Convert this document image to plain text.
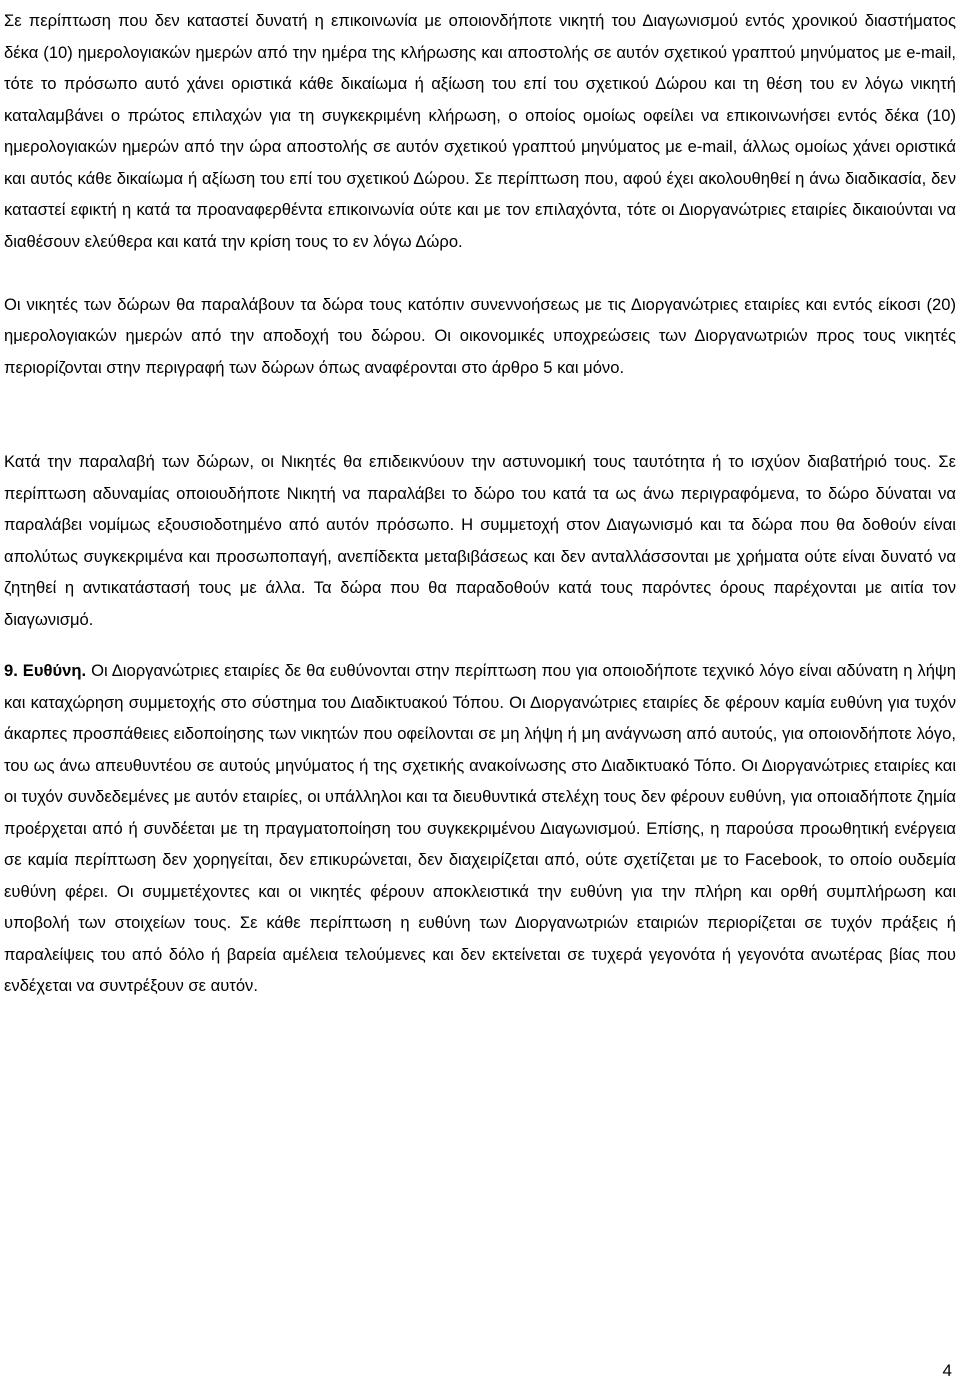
Σε περίπτωση που δεν καταστεί δυνατή η επικοινωνία με οποιονδήποτε νικητή του Διαγωνισμού εντός χρονικού διαστήματος δέκα (10) ημερολογιακών ημερών από την ημέρα της κλήρωσης και αποστολής σε αυτόν σχετικού γραπτού μηνύματος με e-mail, τότε το πρόσωπο αυτό χάνει οριστικά κάθε δικαίωμα ή αξίωση του επί του σχετικού Δώρου και τη θέση του εν λόγω νικητή καταλαμβάνει ο πρώτος επιλαχών για τη συγκεκριμένη κλήρωση, ο οποίος ομοίως οφείλει να επικοινωνήσει εντός δέκα (10) ημερολογιακών ημερών από την ώρα αποστολής σε αυτόν σχετικού γραπτού μηνύματος με e-mail, άλλως ομοίως χάνει οριστικά και αυτός κάθε δικαίωμα ή αξίωση του επί του σχετικού Δώρου. Σε περίπτωση που, αφού έχει ακολουθηθεί η άνω διαδικασία, δεν καταστεί εφικτή η κατά τα προαναφερθέντα επικοινωνία ούτε και με τον επιλαχόντα, τότε οι Διοργανώτριες εταιρίες δικαιούνται να διαθέσουν ελεύθερα και κατά την κρίση τους το εν λόγω Δώρο.

Οι νικητές των δώρων θα παραλάβουν τα δώρα τους κατόπιν συνεννοήσεως με τις Διοργανώτριες εταιρίες και εντός είκοσι (20) ημερολογιακών ημερών από την αποδοχή του δώρου. Οι οικονομικές υποχρεώσεις των Διοργανωτριών προς τους νικητές περιορίζονται στην περιγραφή των δώρων όπως αναφέρονται στο άρθρο 5 και μόνο.

Κατά την παραλαβή των δώρων, οι Νικητές θα επιδεικνύουν την αστυνομική τους ταυτότητα ή το ισχύον διαβατήριό τους. Σε περίπτωση αδυναμίας οποιουδήποτε Νικητή να παραλάβει το δώρο του κατά τα ως άνω περιγραφόμενα, το δώρο δύναται να παραλάβει νομίμως εξουσιοδοτημένο από αυτόν πρόσωπο. Η συμμετοχή στον Διαγωνισμό και τα δώρα που θα δοθούν είναι απολύτως συγκεκριμένα και προσωποπαγή, ανεπίδεκτα μεταβιβάσεως και δεν ανταλλάσσονται με χρήματα ούτε είναι δυνατό να ζητηθεί η αντικατάστασή τους με άλλα. Τα δώρα που θα παραδοθούν κατά τους παρόντες όρους παρέχονται με αιτία τον διαγωνισμό.

9. Ευθύνη. Οι Διοργανώτριες εταιρίες δε θα ευθύνονται στην περίπτωση που για οποιοδήποτε τεχνικό λόγο είναι αδύνατη η λήψη και καταχώρηση συμμετοχής στο σύστημα του Διαδικτυακού Τόπου. Οι Διοργανώτριες εταιρίες δε φέρουν καμία ευθύνη για τυχόν άκαρπες προσπάθειες ειδοποίησης των νικητών που οφείλονται σε μη λήψη ή μη ανάγνωση από αυτούς, για οποιονδήποτε λόγο, του ως άνω απευθυντέου σε αυτούς μηνύματος ή της σχετικής ανακοίνωσης στο Διαδικτυακό Τόπο. Οι Διοργανώτριες εταιρίες και οι τυχόν συνδεδεμένες με αυτόν εταιρίες, οι υπάλληλοι και τα διευθυντικά στελέχη τους δεν φέρουν ευθύνη, για οποιαδήποτε ζημία προέρχεται από ή συνδέεται με τη πραγματοποίηση του συγκεκριμένου Διαγωνισμού. Επίσης, η παρούσα προωθητική ενέργεια σε καμία περίπτωση δεν χορηγείται, δεν επικυρώνεται, δεν διαχειρίζεται από, ούτε σχετίζεται με το Facebook, το οποίο ουδεμία ευθύνη φέρει. Οι συμμετέχοντες και οι νικητές φέρουν αποκλειστικά την ευθύνη για την πλήρη και ορθή συμπλήρωση και υποβολή των στοιχείων τους. Σε κάθε περίπτωση η ευθύνη των Διοργανωτριών εταιριών περιορίζεται σε τυχόν πράξεις ή παραλείψεις του από δόλο ή βαρεία αμέλεια τελούμενες και δεν εκτείνεται σε τυχερά γεγονότα ή γεγονότα ανωτέρας βίας που ενδέχεται να συντρέξουν σε αυτόν.

4
